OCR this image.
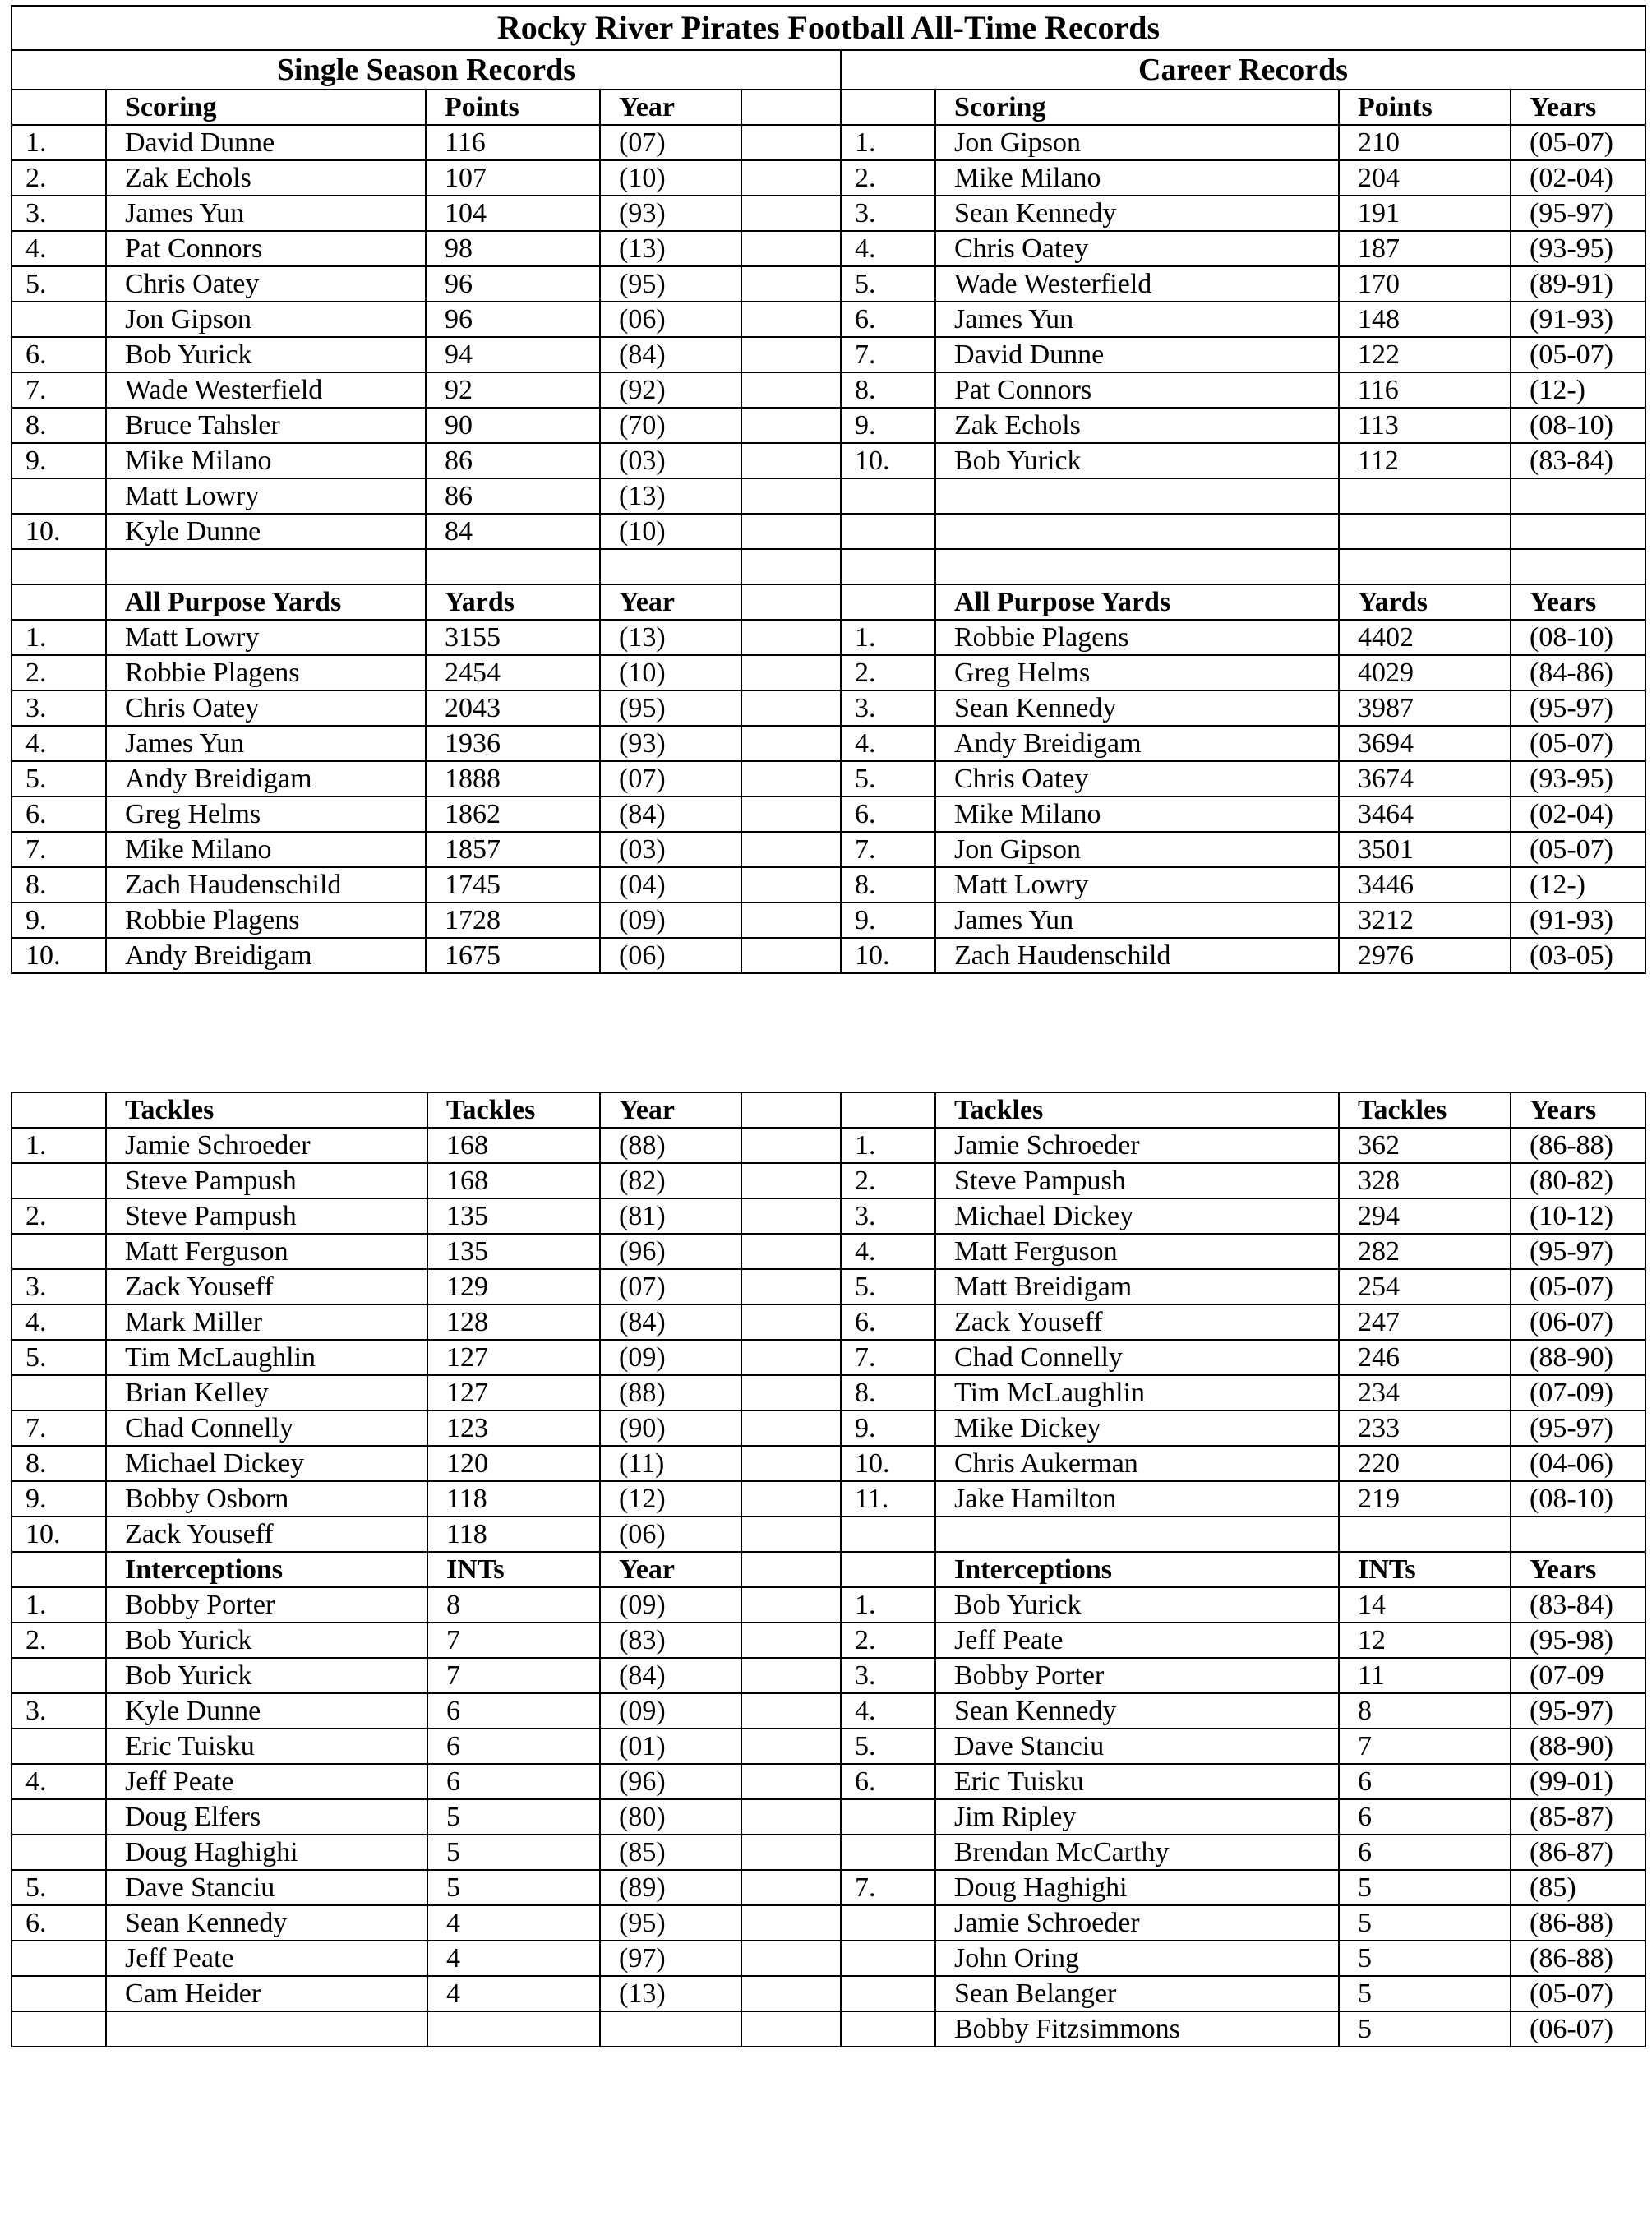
Rocky River Pirates Football All-Time Records								
Single Season Records					Career Records			
	Scoring	Points	Year			Scoring	Points	Years
1.	David Dunne	116	(07)		1.	Jon Gipson	210	(05-07)
2.	Zak Echols	107	(10)		2.	Mike Milano	204	(02-04)
3.	James Yun	104	(93)		3.	Sean Kennedy	191	(95-97)
4.	Pat Connors	98	(13)		4.	Chris Oatey	187	(93-95)
5.	Chris Oatey	96	(95)		5.	Wade Westerfield	170	(89-91)
	Jon Gipson	96	(06)		6.	James Yun	148	(91-93)
6.	Bob Yurick	94	(84)		7.	David Dunne	122	(05-07)
7.	Wade Westerfield	92	(92)		8.	Pat Connors	116	(12-)
8.	Bruce Tahsler	90	(70)		9.	Zak Echols	113	(08-10)
9.	Mike Milano	86	(03)		10.	Bob Yurick	112	(83-84)
	Matt Lowry	86	(13)					
10.	Kyle Dunne	84	(10)					

	All Purpose Yards	Yards	Year			All Purpose Yards	Yards	Years
1.	Matt Lowry	3155	(13)		1.	Robbie Plagens	4402	(08-10)
2.	Robbie Plagens	2454	(10)		2.	Greg Helms	4029	(84-86)
3.	Chris Oatey	2043	(95)		3.	Sean Kennedy	3987	(95-97)
4.	James Yun	1936	(93)		4.	Andy Breidigam	3694	(05-07)
5.	Andy Breidigam	1888	(07)		5.	Chris Oatey	3674	(93-95)
6.	Greg Helms	1862	(84)		6.	Mike Milano	3464	(02-04)
7.	Mike Milano	1857	(03)		7.	Jon Gipson	3501	(05-07)
8.	Zach Haudenschild	1745	(04)		8.	Matt Lowry	3446	(12-)
9.	Robbie Plagens	1728	(09)		9.	James Yun	3212	(91-93)
10.	Andy Breidigam	1675	(06)		10.	Zach Haudenschild	2976	(03-05)
	Tackles	Tackles	Year			Tackles	Tackles	Years
1.	Jamie Schroeder	168	(88)		1.	Jamie Schroeder	362	(86-88)
	Steve Pampush	168	(82)		2.	Steve Pampush	328	(80-82)
2.	Steve Pampush	135	(81)		3.	Michael Dickey	294	(10-12)
	Matt Ferguson	135	(96)		4.	Matt Ferguson	282	(95-97)
3.	Zack Youseff	129	(07)		5.	Matt Breidigam	254	(05-07)
4.	Mark Miller	128	(84)		6.	Zack Youseff	247	(06-07)
5.	Tim McLaughlin	127	(09)		7.	Chad Connelly	246	(88-90)
	Brian Kelley	127	(88)		8.	Tim McLaughlin	234	(07-09)
7.	Chad Connelly	123	(90)		9.	Mike Dickey	233	(95-97)
8.	Michael Dickey	120	(11)		10.	Chris Aukerman	220	(04-06)
9.	Bobby Osborn	118	(12)		11.	Jake Hamilton	219	(08-10)
10.	Zack Youseff	118	(06)					
	Interceptions	INTs	Year			Interceptions	INTs	Years
1.	Bobby Porter	8	(09)		1.	Bob Yurick	14	(83-84)
2.	Bob Yurick	7	(83)		2.	Jeff Peate	12	(95-98)
	Bob Yurick	7	(84)		3.	Bobby Porter	11	(07-09
3.	Kyle Dunne	6	(09)		4.	Sean Kennedy	8	(95-97)
	Eric Tuisku	6	(01)		5.	Dave Stanciu	7	(88-90)
4.	Jeff Peate	6	(96)		6.	Eric Tuisku	6	(99-01)
	Doug Elfers	5	(80)			Jim Ripley	6	(85-87)
	Doug Haghighi	5	(85)			Brendan McCarthy	6	(86-87)
5.	Dave Stanciu	5	(89)		7.	Doug Haghighi	5	(85)
6.	Sean Kennedy	4	(95)			Jamie Schroeder	5	(86-88)
	Jeff Peate	4	(97)			John Oring	5	(86-88)
	Cam Heider	4	(13)			Sean Belanger	5	(05-07)
						Bobby Fitzsimmons	5	(06-07)
